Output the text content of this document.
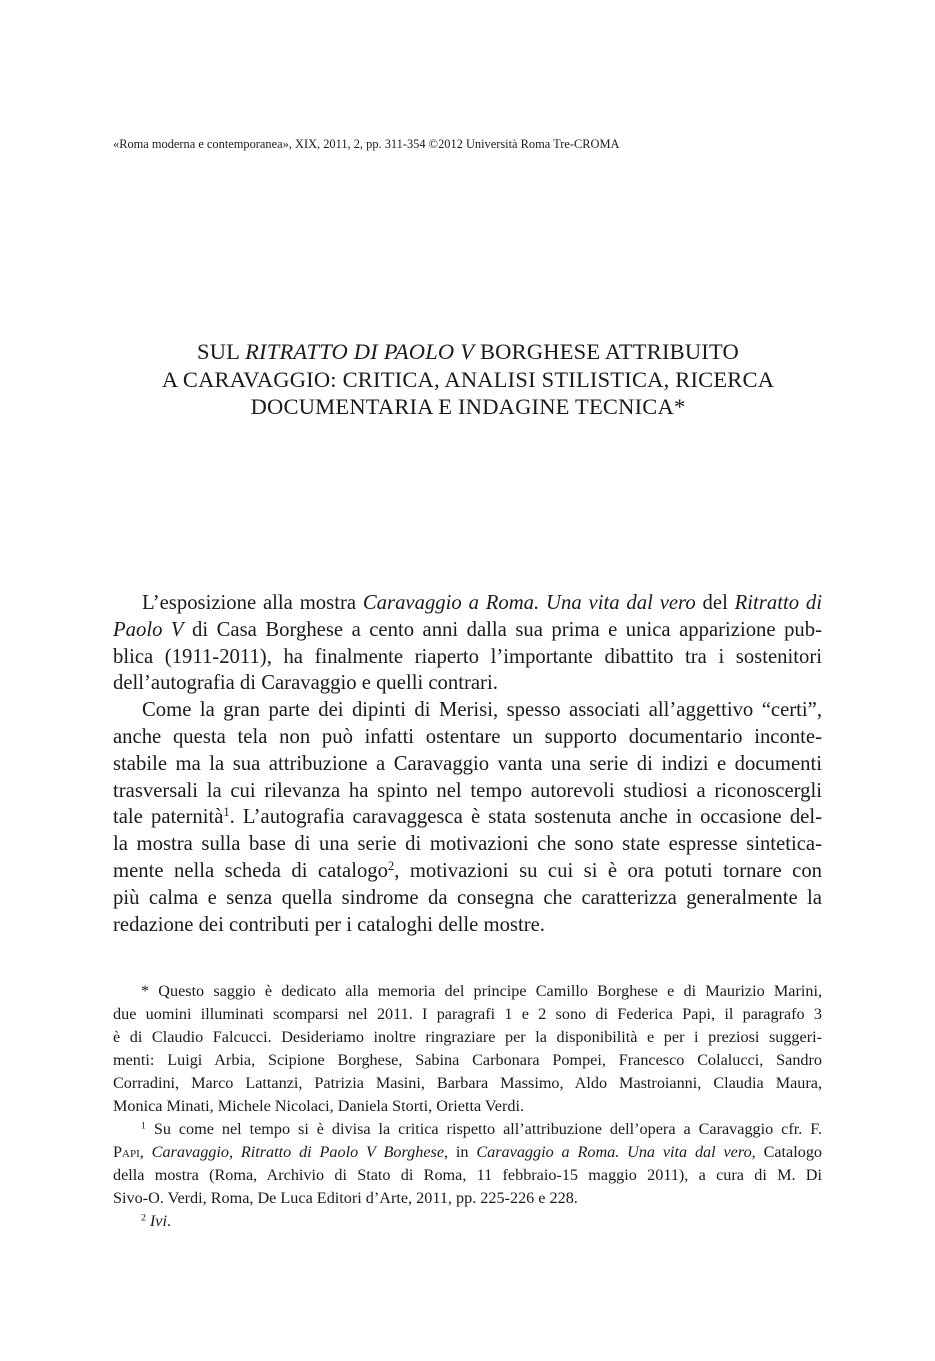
«Roma moderna e contemporanea», XIX, 2011, 2, pp. 311-354 ©2012 Università Roma Tre-CROMA
SUL RITRATTO DI PAOLO V BORGHESE ATTRIBUITO
A CARAVAGGIO: CRITICA, ANALISI STILISTICA, RICERCA
DOCUMENTARIA E INDAGINE TECNICA*
L’esposizione alla mostra Caravaggio a Roma. Una vita dal vero del Ritratto di
Paolo V di Casa Borghese a cento anni dalla sua prima e unica apparizione pub-
blica (1911-2011), ha finalmente riaperto l’importante dibattito tra i sostenitori
dell’autografia di Caravaggio e quelli contrari.
Come la gran parte dei dipinti di Merisi, spesso associati all’aggettivo “certi”,
anche questa tela non può infatti ostentare un supporto documentario inconte-
stabile ma la sua attribuzione a Caravaggio vanta una serie di indizi e documenti
trasversali la cui rilevanza ha spinto nel tempo autorevoli studiosi a riconoscergli
tale paternità$^1$. L’autografia caravaggesca è stata sostenuta anche in occasione del-
la mostra sulla base di una serie di motivazioni che sono state espresse sintetica-
mente nella scheda di catalogo$^2$, motivazioni su cui si è ora potuti tornare con
più calma e senza quella sindrome da consegna che caratterizza generalmente la
redazione dei contributi per i cataloghi delle mostre.
* Questo saggio è dedicato alla memoria del principe Camillo Borghese e di Maurizio Marini,
due uomini illuminati scomparsi nel 2011. I paragrafi 1 e 2 sono di Federica Papi, il paragrafo 3
è di Claudio Falcucci. Desideriamo inoltre ringraziare per la disponibilità e per i preziosi suggeri-
menti: Luigi Arbia, Scipione Borghese, Sabina Carbonara Pompei, Francesco Colalucci, Sandro
Corradini, Marco Lattanzi, Patrizia Masini, Barbara Massimo, Aldo Mastroianni, Claudia Maura,
Monica Minati, Michele Nicolaci, Daniela Storti, Orietta Verdi.
$^1$ Su come nel tempo si è divisa la critica rispetto all’attribuzione dell’opera a Caravaggio cfr. F.
Papi, Caravaggio, Ritratto di Paolo V Borghese, in Caravaggio a Roma. Una vita dal vero, Catalogo
della mostra (Roma, Archivio di Stato di Roma, 11 febbraio-15 maggio 2011), a cura di M. Di
Sivo-O. Verdi, Roma, De Luca Editori d’Arte, 2011, pp. 225-226 e 228.
$^2$ Ivi.
